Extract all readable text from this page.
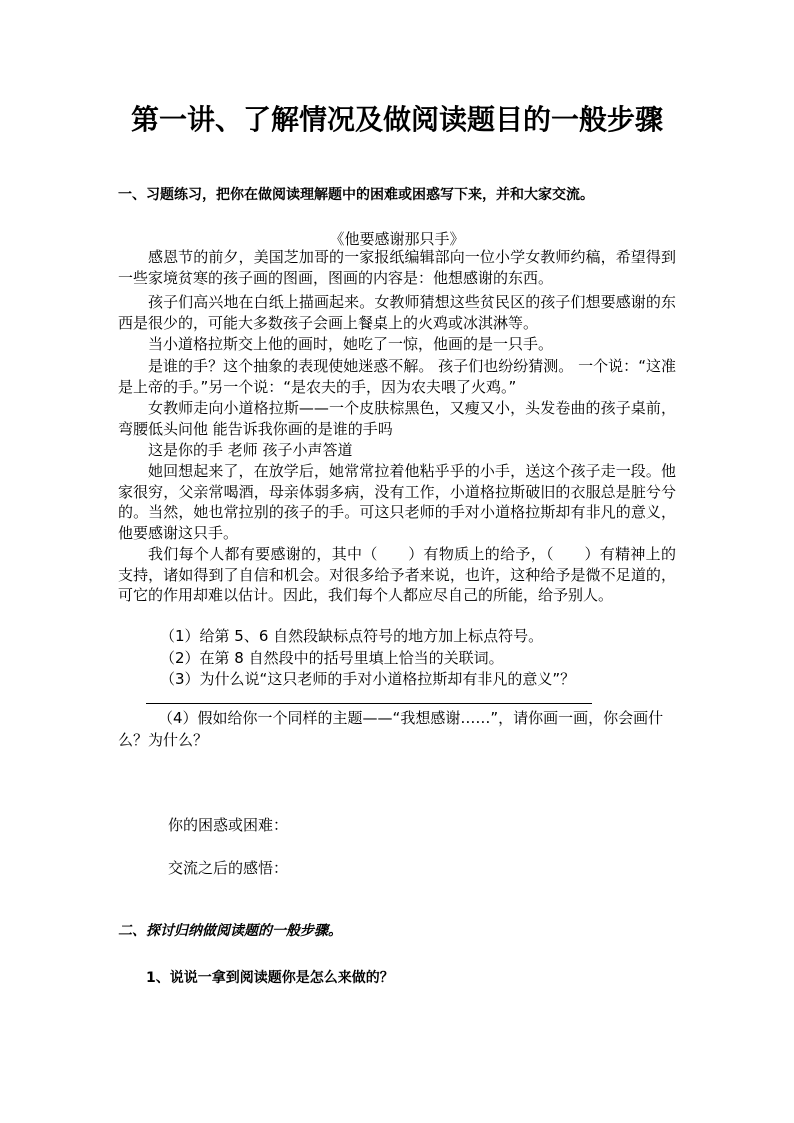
第一讲、了解情况及做阅读题目的一般步骤
一、习题练习，把你在做阅读理解题中的困难或困惑写下来，并和大家交流。
《他要感谢那只手》
感恩节的前夕，美国芝加哥的一家报纸编辑部向一位小学女教师约稿，希望得到一些家境贫寒的孩子画的图画，图画的内容是：他想感谢的东西。
孩子们高兴地在白纸上描画起来。女教师猜想这些贫民区的孩子们想要感谢的东西是很少的，可能大多数孩子会画上餐桌上的火鸡或冰淇淋等。
当小道格拉斯交上他的画时，她吃了一惊，他画的是一只手。
是谁的手？这个抽象的表现使她迷惑不解。 孩子们也纷纷猜测。 一个说：“这准是上帝的手。”另一个说：“是农夫的手，因为农夫喂了火鸡。”
女教师走向小道格拉斯——一个皮肤棕黑色，又瘦又小，头发卷曲的孩子桌前，弯腰低头问他 能告诉我你画的是谁的手吗
这是你的手 老师 孩子小声答道
她回想起来了，在放学后，她常常拉着他粘乎乎的小手，送这个孩子走一段。他家很穷，父亲常喝酒，母亲体弱多病，没有工作，小道格拉斯破旧的衣服总是脏兮兮的。当然，她也常拉别的孩子的手。可这只老师的手对小道格拉斯却有非凡的意义，他要感谢这只手。
我们每个人都有要感谢的，其中（　　）有物质上的给予，（　　）有精神上的支持，诸如得到了自信和机会。对很多给予者来说，也许，这种给予是微不足道的，可它的作用却难以估计。因此，我们每个人都应尽自己的所能，给予别人。
（1）给第 5、6 自然段缺标点符号的地方加上标点符号。
（2）在第 8 自然段中的括号里填上恰当的关联词。
（3）为什么说“这只老师的手对小道格拉斯却有非凡的意义”？
（4）假如给你一个同样的主题——“我想感谢……”，请你画一画，你会画什么？为什么？
你的困惑或困难：
交流之后的感悟：
二、探讨归纳做阅读题的一般步骤。
1、说说一拿到阅读题你是怎么来做的？
